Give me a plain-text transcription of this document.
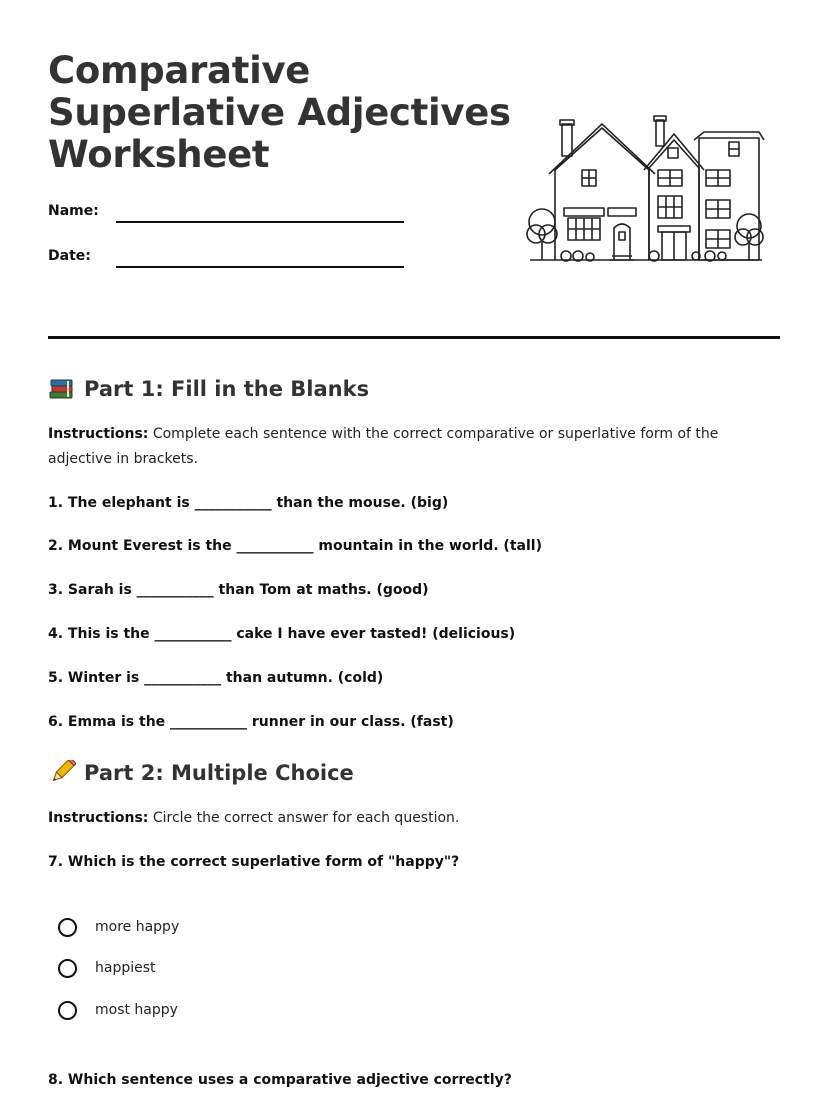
Comparative
Superlative Adjectives
Worksheet
Name:
Date:
Part 1: Fill in the Blanks

Instructions: Complete each sentence with the correct comparative or superlative form of the adjective in brackets.

1. The elephant is ___________ than the mouse. (big)

2. Mount Everest is the ___________ mountain in the world. (tall)

3. Sarah is ___________ than Tom at maths. (good)

4. This is the ___________ cake I have ever tasted! (delicious)

5. Winter is ___________ than autumn. (cold)

6. Emma is the ___________ runner in our class. (fast)

Part 2: Multiple Choice

Instructions: Circle the correct answer for each question.

7. Which is the correct superlative form of "happy"?

more happy
happiest
most happy

8. Which sentence uses a comparative adjective correctly?
